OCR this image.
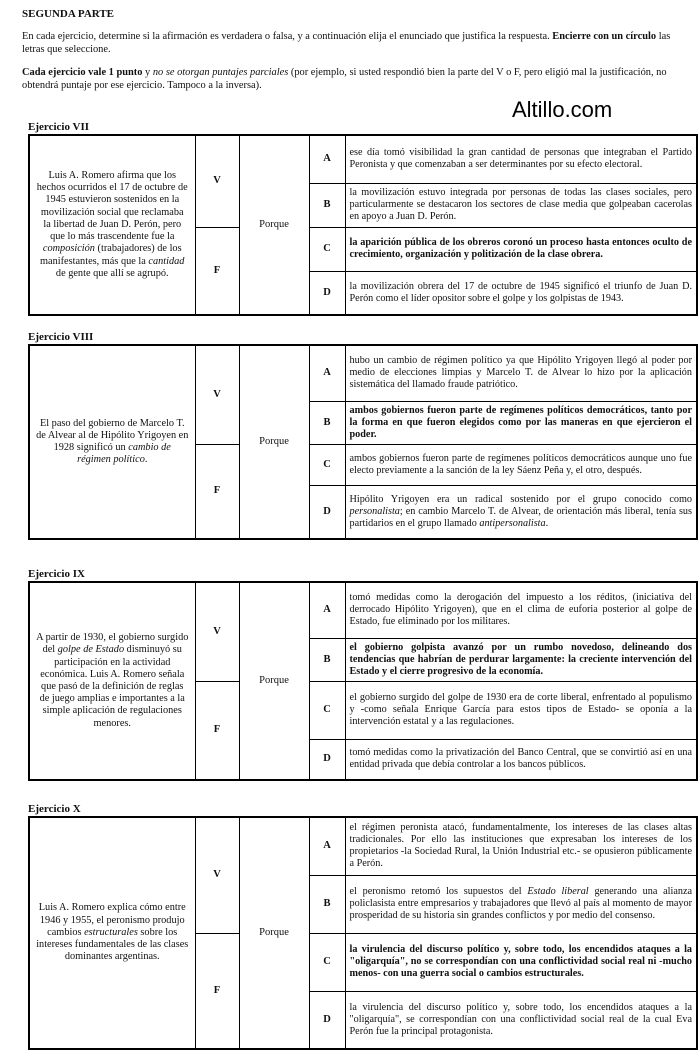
SEGUNDA PARTE

En cada ejercicio, determine si la afirmación es verdadera o falsa, y a continuación elija el enunciado que justifica la respuesta. Encierre con un círculo las letras que seleccione.

Cada ejercicio vale 1 punto y no se otorgan puntajes parciales (por ejemplo, si usted respondió bien la parte del V o F, pero eligió mal la justificación, no obtendrá puntaje por ese ejercicio. Tampoco a la inversa).

Altillo.com

Ejercicio VII

Luis A. Romero afirma que los hechos ocurridos el 17 de octubre de 1945 estuvieron sostenidos en la movilización social que reclamaba la libertad de Juan D. Perón, pero que lo más trascendente fue la composición (trabajadores) de los manifestantes, más que la cantidad de gente que allí se agrupó.	V	Porque	A	ese día tomó visibilidad la gran cantidad de personas que integraban el Partido Peronista y que comenzaban a ser determinantes por su efecto electoral.
			B	la movilización estuvo integrada por personas de todas las clases sociales, pero particularmente se destacaron los sectores de clase media que golpeaban cacerolas en apoyo a Juan D. Perón.
	F		C	la aparición pública de los obreros coronó un proceso hasta entonces oculto de crecimiento, organización y politización de la clase obrera.
			D	la movilización obrera del 17 de octubre de 1945 significó el triunfo de Juan D. Perón como el líder opositor sobre el golpe y los golpistas de 1943.

Ejercicio VIII

El paso del gobierno de Marcelo T. de Alvear al de Hipólito Yrigoyen en 1928 significó un cambio de régimen político.	V	Porque	A	hubo un cambio de régimen político ya que Hipólito Yrigoyen llegó al poder por medio de elecciones limpias y Marcelo T. de Alvear lo hizo por la aplicación sistemática del llamado fraude patriótico.
			B	ambos gobiernos fueron parte de regímenes políticos democráticos, tanto por la forma en que fueron elegidos como por las maneras en que ejercieron el poder.
	F		C	ambos gobiernos fueron parte de regímenes políticos democráticos aunque uno fue electo previamente a la sanción de la ley Sáenz Peña y, el otro, después.
			D	Hipólito Yrigoyen era un radical sostenido por el grupo conocido como personalista; en cambio Marcelo T. de Alvear, de orientación más liberal, tenía sus partidarios en el grupo llamado antipersonalista.

Ejercicio IX

A partir de 1930, el gobierno surgido del golpe de Estado disminuyó su participación en la actividad económica. Luis A. Romero señala que pasó de la definición de reglas de juego amplias e importantes a la simple aplicación de regulaciones menores.	V	Porque	A	tomó medidas como la derogación del impuesto a los réditos, (iniciativa del derrocado Hipólito Yrigoyen), que en el clima de euforia posterior al golpe de Estado, fue eliminado por los militares.
			B	el gobierno golpista avanzó por un rumbo novedoso, delineando dos tendencias que habrían de perdurar largamente: la creciente intervención del Estado y el cierre progresivo de la economía.
	F		C	el gobierno surgido del golpe de 1930 era de corte liberal, enfrentado al populismo y -como señala Enrique García para estos tipos de Estado- se oponía a la intervención estatal y a las regulaciones.
			D	tomó medidas como la privatización del Banco Central, que se convirtió así en una entidad privada que debía controlar a los bancos públicos.

Ejercicio X

Luis A. Romero explica cómo entre 1946 y 1955, el peronismo produjo cambios estructurales sobre los intereses fundamentales de las clases dominantes argentinas.	V	Porque	A	el régimen peronista atacó, fundamentalmente, los intereses de las clases altas tradicionales. Por ello las instituciones que expresaban los intereses de los propietarios -la Sociedad Rural, la Unión Industrial etc.- se opusieron públicamente a Perón.
			B	el peronismo retomó los supuestos del Estado liberal generando una alianza policlasista entre empresarios y trabajadores que llevó al país al momento de mayor prosperidad de su historia sin grandes conflictos y por medio del consenso.
	F		C	la virulencia del discurso político y, sobre todo, los encendidos ataques a la "oligarquía", no se correspondían con una conflictividad social real ni -mucho menos- con una guerra social o cambios estructurales.
			D	la virulencia del discurso político y, sobre todo, los encendidos ataques a la "oligarquía", se correspondían con una conflictividad social real de la cual Eva Perón fue la principal protagonista.
